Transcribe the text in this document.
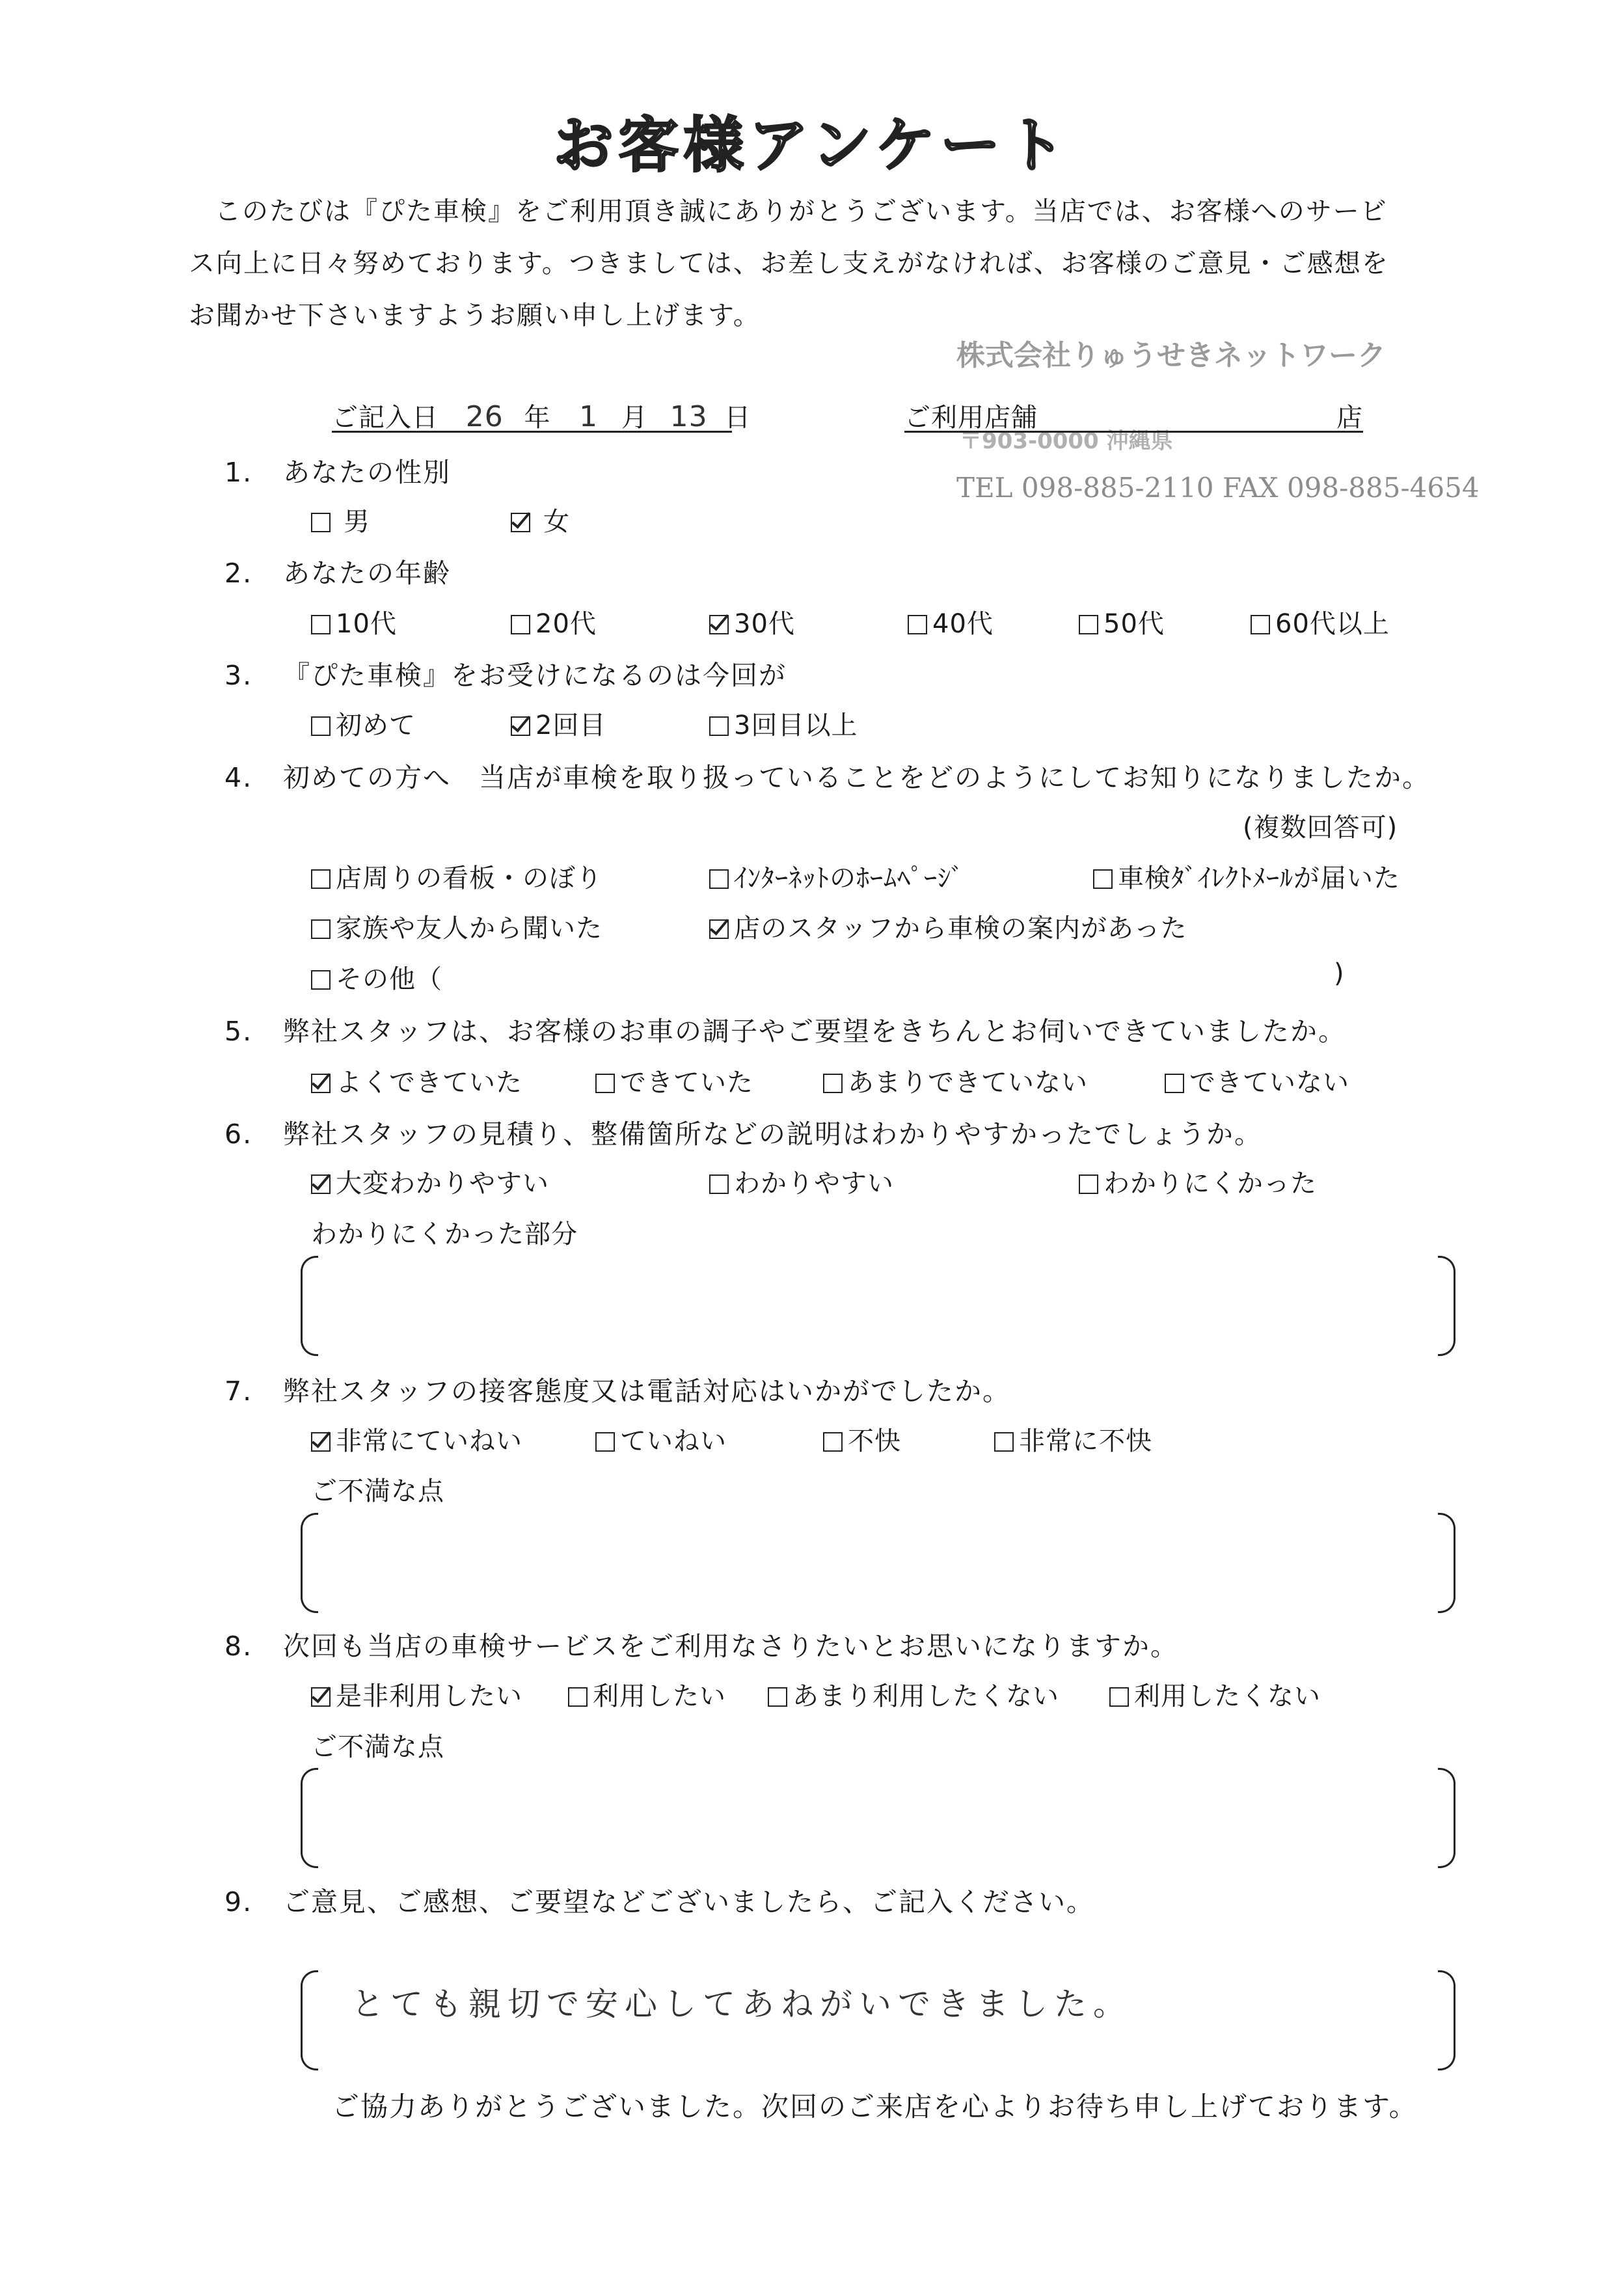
お客様アンケート
このたびは『ぴた車検』をご利用頂き誠にありがとうございます。当店では、お客様へのサービ
ス向上に日々努めております。つきましては、お差し支えがなければ、お客様のご意見・ご感想を
お聞かせ下さいますようお願い申し上げます。
株式会社りゅうせきネットワーク
〒903-0000 沖縄県
TEL 098-885-2110 FAX 098-885-4654
ご記入日 26 年 1 月 13 日	ご利用店舗	店
1. あなたの性別
男	女
2. あなたの年齢
10代	20代	30代	40代	50代	60代以上
3. 『ぴた車検』をお受けになるのは今回が
初めて	2回目	3回目以上
4. 初めての方へ　当店が車検を取り扱っていることをどのようにしてお知りになりましたか。
(複数回答可)
店周りの看板・のぼり	ｲﾝﾀｰﾈｯﾄのﾎｰﾑﾍﾟｰｼﾞ	車検ﾀﾞｲﾚｸﾄﾒｰﾙが届いた
家族や友人から聞いた	店のスタッフから車検の案内があった
その他（	)
5. 弊社スタッフは、お客様のお車の調子やご要望をきちんとお伺いできていましたか。
よくできていた	できていた	あまりできていない	できていない
6. 弊社スタッフの見積り、整備箇所などの説明はわかりやすかったでしょうか。
大変わかりやすい	わかりやすい	わかりにくかった
わかりにくかった部分
7. 弊社スタッフの接客態度又は電話対応はいかがでしたか。
非常にていねい	ていねい	不快	非常に不快
ご不満な点
8. 次回も当店の車検サービスをご利用なさりたいとお思いになりますか。
是非利用したい	利用したい	あまり利用したくない	利用したくない
ご不満な点
9. ご意見、ご感想、ご要望などございましたら、ご記入ください。
とても親切で安心してあねがいできました。
ご協力ありがとうございました。次回のご来店を心よりお待ち申し上げております。
